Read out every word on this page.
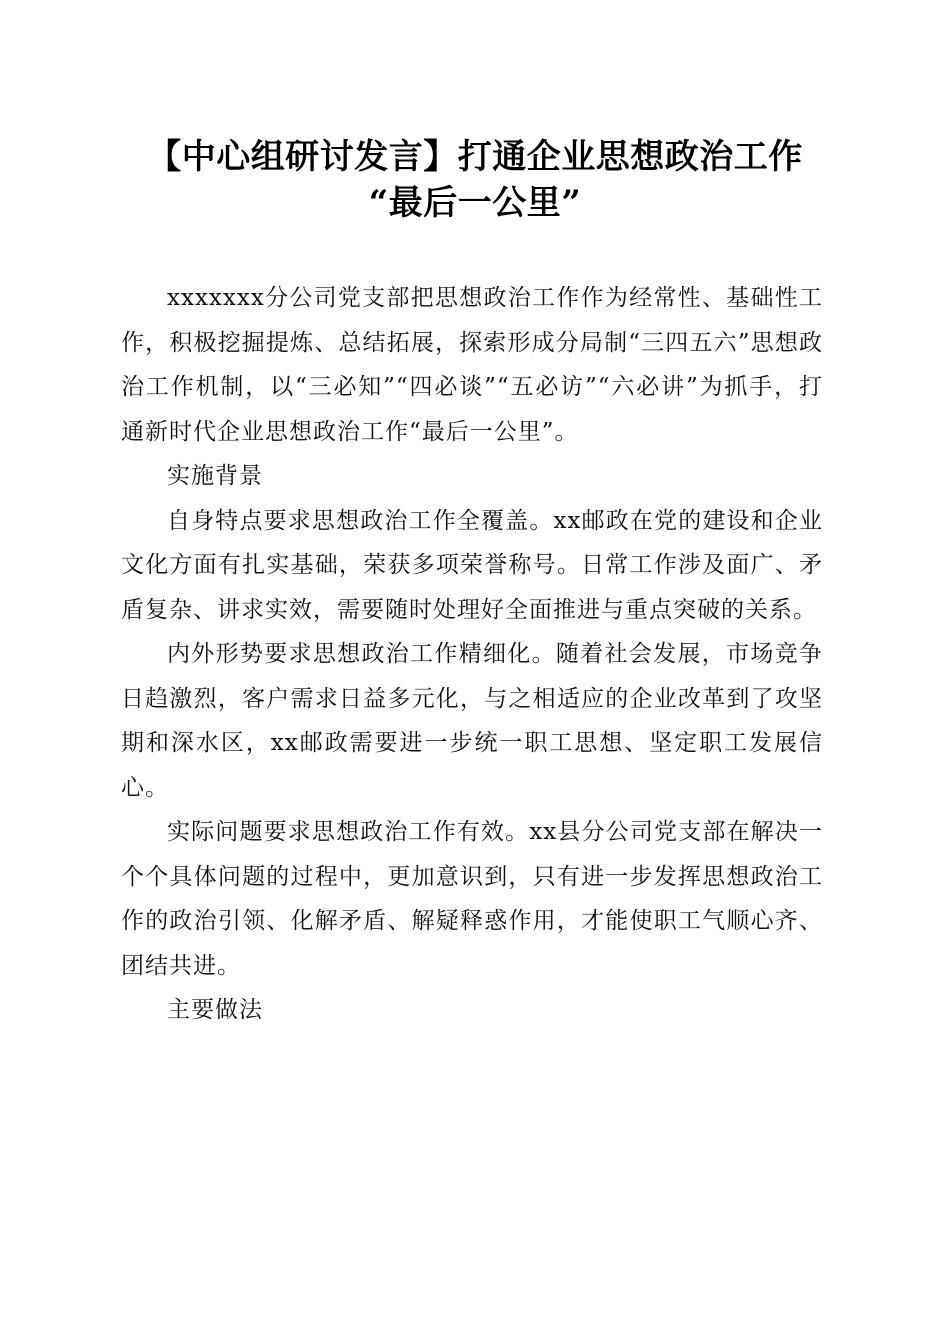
【中心组研讨发言】打通企业思想政治工作
“最后一公里”

xxxxxxx分公司党支部把思想政治工作作为经常性、基础性工作，积极挖掘提炼、总结拓展，探索形成分局制“三四五六”思想政治工作机制，以“三必知”“四必谈”“五必访”“六必讲”为抓手，打通新时代企业思想政治工作“最后一公里”。

实施背景

自身特点要求思想政治工作全覆盖。xx邮政在党的建设和企业文化方面有扎实基础，荣获多项荣誉称号。日常工作涉及面广、矛盾复杂、讲求实效，需要随时处理好全面推进与重点突破的关系。

内外形势要求思想政治工作精细化。随着社会发展，市场竞争日趋激烈，客户需求日益多元化，与之相适应的企业改革到了攻坚期和深水区，xx邮政需要进一步统一职工思想、坚定职工发展信心。

实际问题要求思想政治工作有效。xx县分公司党支部在解决一个个具体问题的过程中，更加意识到，只有进一步发挥思想政治工作的政治引领、化解矛盾、解疑释惑作用，才能使职工气顺心齐、团结共进。

主要做法
